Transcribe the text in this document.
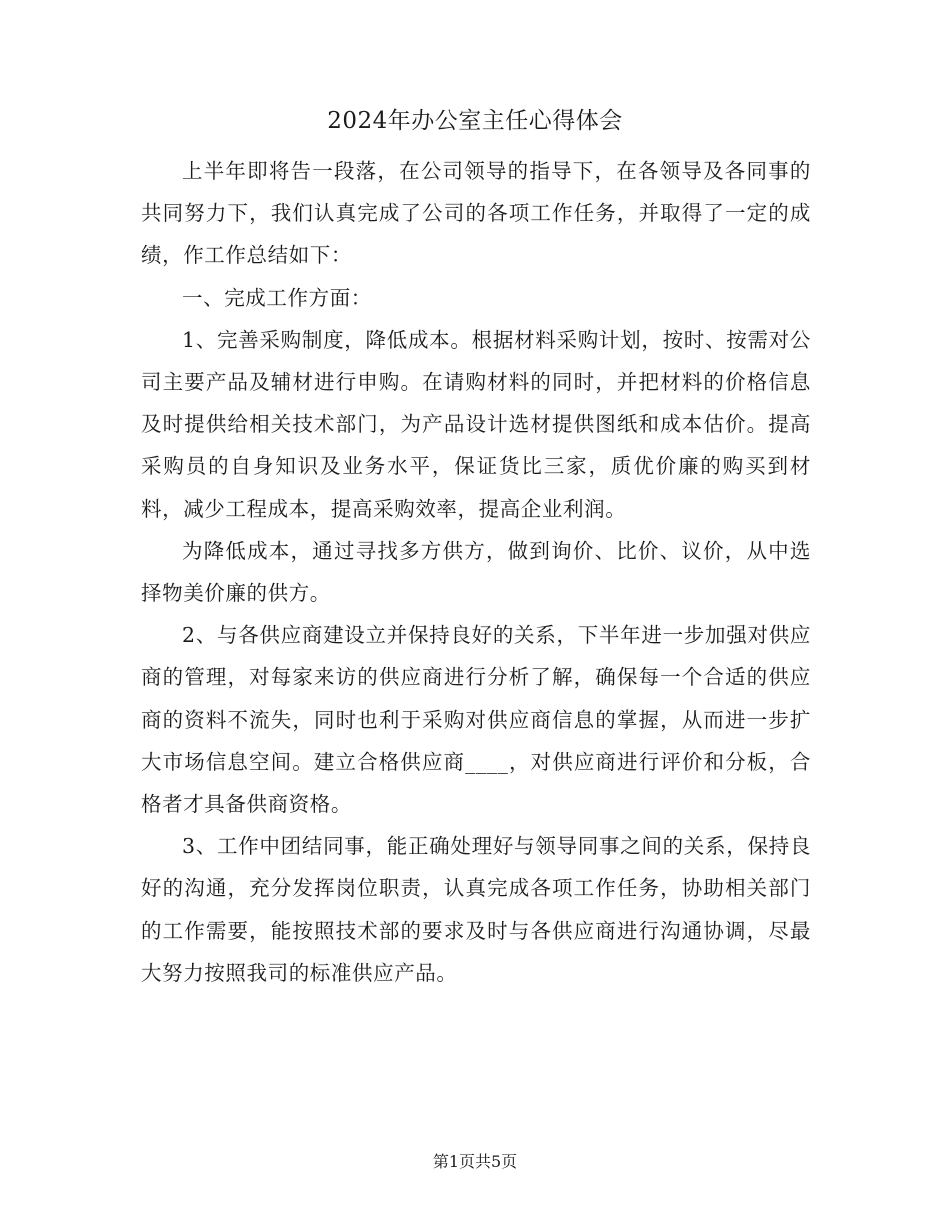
2024年办公室主任心得体会

上半年即将告一段落，在公司领导的指导下，在各领导及各同事的共同努力下，我们认真完成了公司的各项工作任务，并取得了一定的成绩，作工作总结如下：

一、完成工作方面：

1、完善采购制度，降低成本。根据材料采购计划，按时、按需对公司主要产品及辅材进行申购。在请购材料的同时，并把材料的价格信息及时提供给相关技术部门，为产品设计选材提供图纸和成本估价。提高采购员的自身知识及业务水平，保证货比三家，质优价廉的购买到材料，减少工程成本，提高采购效率，提高企业利润。

为降低成本，通过寻找多方供方，做到询价、比价、议价，从中选择物美价廉的供方。

2、与各供应商建设立并保持良好的关系，下半年进一步加强对供应商的管理，对每家来访的供应商进行分析了解，确保每一个合适的供应商的资料不流失，同时也利于采购对供应商信息的掌握，从而进一步扩大市场信息空间。建立合格供应商____，对供应商进行评价和分板，合格者才具备供商资格。

3、工作中团结同事，能正确处理好与领导同事之间的关系，保持良好的沟通，充分发挥岗位职责，认真完成各项工作任务，协助相关部门的工作需要，能按照技术部的要求及时与各供应商进行沟通协调，尽最大努力按照我司的标准供应产品。

第1页共5页
